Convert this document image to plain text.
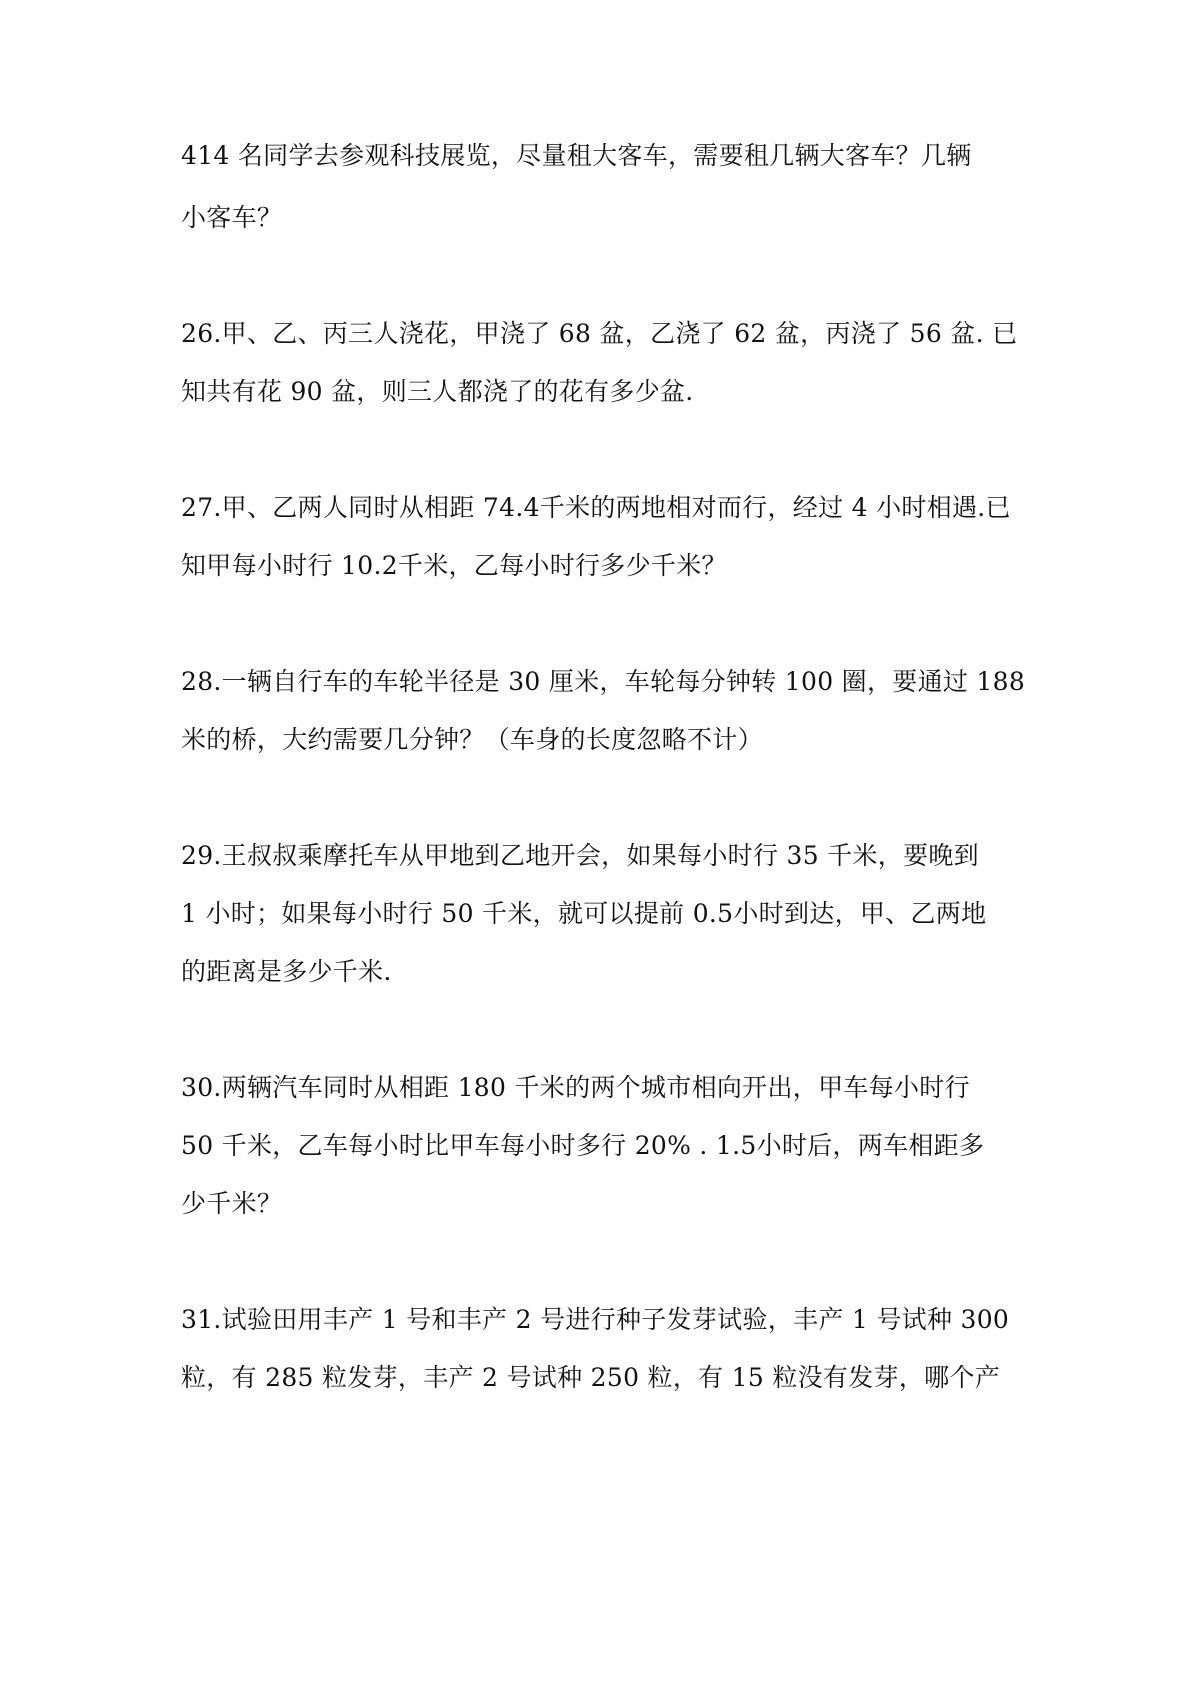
414 名同学去参观科技展览，尽量租大客车，需要租几辆大客车？几辆
小客车？
26.甲、乙、丙三人浇花，甲浇了 68 盆，乙浇了 62 盆，丙浇了 56 盆. 已
知共有花 90 盆，则三人都浇了的花有多少盆.
27.甲、乙两人同时从相距 74.4千米的两地相对而行，经过 4 小时相遇.已
知甲每小时行 10.2千米，乙每小时行多少千米？
28.一辆自行车的车轮半径是 30 厘米，车轮每分钟转 100 圈，要通过 188
米的桥，大约需要几分钟？（车身的长度忽略不计）
29.王叔叔乘摩托车从甲地到乙地开会，如果每小时行 35 千米，要晚到
1 小时；如果每小时行 50 千米，就可以提前 0.5小时到达，甲、乙两地
的距离是多少千米.
30.两辆汽车同时从相距 180 千米的两个城市相向开出，甲车每小时行
50 千米，乙车每小时比甲车每小时多行 20% . 1.5小时后，两车相距多
少千米？
31.试验田用丰产 1 号和丰产 2 号进行种子发芽试验，丰产 1 号试种 300
粒，有 285 粒发芽，丰产 2 号试种 250 粒，有 15 粒没有发芽，哪个产
